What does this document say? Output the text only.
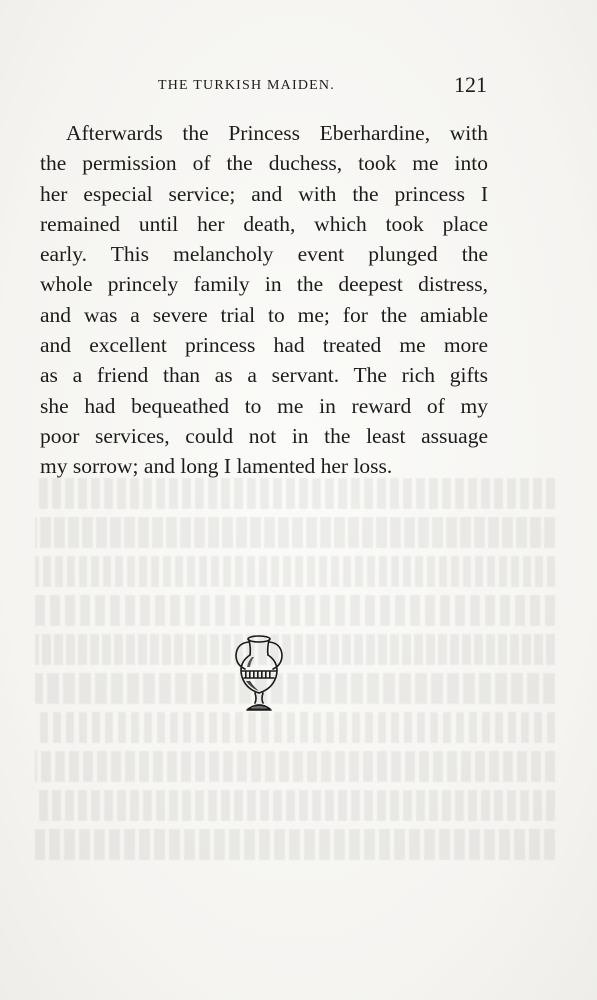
THE TURKISH MAIDEN.	121
Afterwards the Princess Eberhardine, with
the permission of the duchess, took me into
her especial service; and with the princess I
remained until her death, which took place
early. This melancholy event plunged the
whole princely family in the deepest distress,
and was a severe trial to me; for the amiable
and excellent princess had treated me more
as a friend than as a servant. The rich gifts
she had bequeathed to me in reward of my
poor services, could not in the least assuage
my sorrow; and long I lamented her loss.
